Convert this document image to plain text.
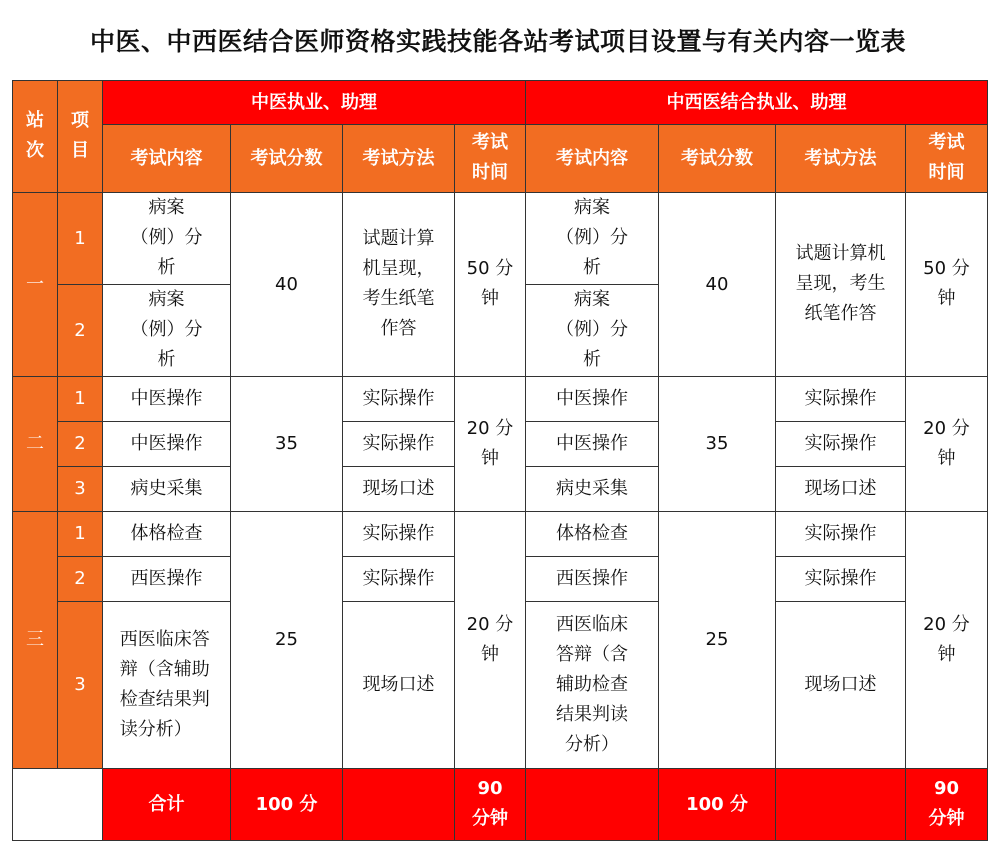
中医、中西医结合医师资格实践技能各站考试项目设置与有关内容一览表
站次	项目	中医执业、助理				中西医结合执业、助理			
		考试内容	考试分数	考试方法	考试时间	考试内容	考试分数	考试方法	考试时间
一	1	病案（例）分析	40	试题计算机呈现，考生纸笔作答	50 分钟	病案（例）分析	40	试题计算机呈现，考生纸笔作答	50 分钟
	2	病案（例）分析				病案（例）分析			
二	1	中医操作	35	实际操作	20 分钟	中医操作	35	实际操作	20 分钟
	2	中医操作		实际操作		中医操作		实际操作	
	3	病史采集		现场口述		病史采集		现场口述	
三	1	体格检查	25	实际操作	20 分钟	体格检查	25	实际操作	20 分钟
	2	西医操作		实际操作		西医操作		实际操作	
	3	西医临床答辩（含辅助检查结果判读分析）		现场口述		西医临床答辩（含辅助检查结果判读分析）		现场口述	
		合计	100 分		90 分钟		100 分		90 分钟
